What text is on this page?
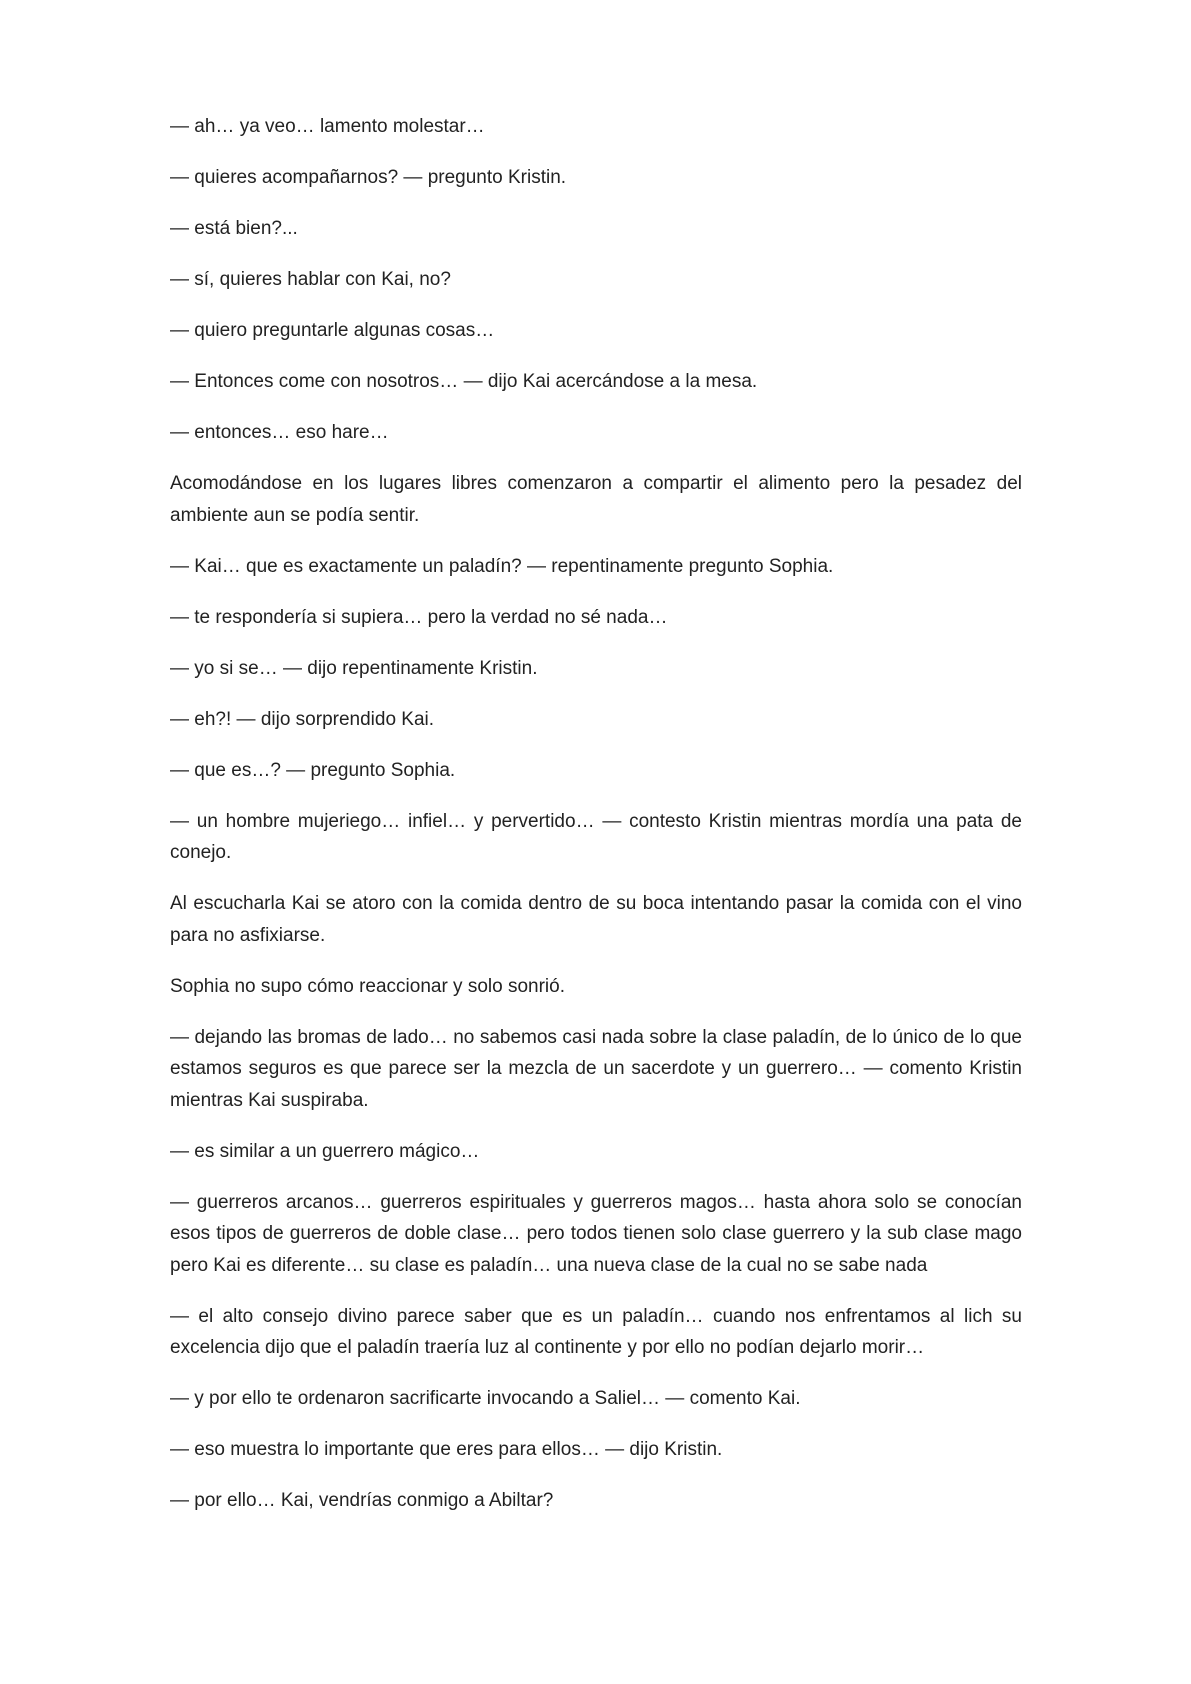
— ah… ya veo… lamento molestar…

— quieres acompañarnos? — pregunto Kristin.

— está bien?...

— sí, quieres hablar con Kai, no?

— quiero preguntarle algunas cosas…

— Entonces come con nosotros… — dijo Kai acercándose a la mesa.

— entonces… eso hare…

Acomodándose en los lugares libres comenzaron a compartir el alimento pero la pesadez del ambiente aun se podía sentir.

— Kai… que es exactamente un paladín? — repentinamente pregunto Sophia.

— te respondería si supiera… pero la verdad no sé nada…

— yo si se… — dijo repentinamente Kristin.

— eh?! — dijo sorprendido Kai.

— que es…? — pregunto Sophia.

— un hombre mujeriego… infiel… y pervertido… — contesto Kristin mientras mordía una pata de conejo.

Al escucharla Kai se atoro con la comida dentro de su boca intentando pasar la comida con el vino para no asfixiarse.

Sophia no supo cómo reaccionar y solo sonrió.

— dejando las bromas de lado… no sabemos casi nada sobre la clase paladín, de lo único de lo que estamos seguros es que parece ser la mezcla de un sacerdote y un guerrero… — comento Kristin mientras Kai suspiraba.

— es similar a un guerrero mágico…

— guerreros arcanos… guerreros espirituales y guerreros magos… hasta ahora solo se conocían esos tipos de guerreros de doble clase… pero todos tienen solo clase guerrero y la sub clase mago pero Kai es diferente… su clase es paladín… una nueva clase de la cual no se sabe nada

— el alto consejo divino parece saber que es un paladín… cuando nos enfrentamos al lich su excelencia dijo que el paladín traería luz al continente y por ello no podían dejarlo morir…

— y por ello te ordenaron sacrificarte invocando a Saliel… — comento Kai.

— eso muestra lo importante que eres para ellos… — dijo Kristin.

— por ello… Kai, vendrías conmigo a Abiltar?
